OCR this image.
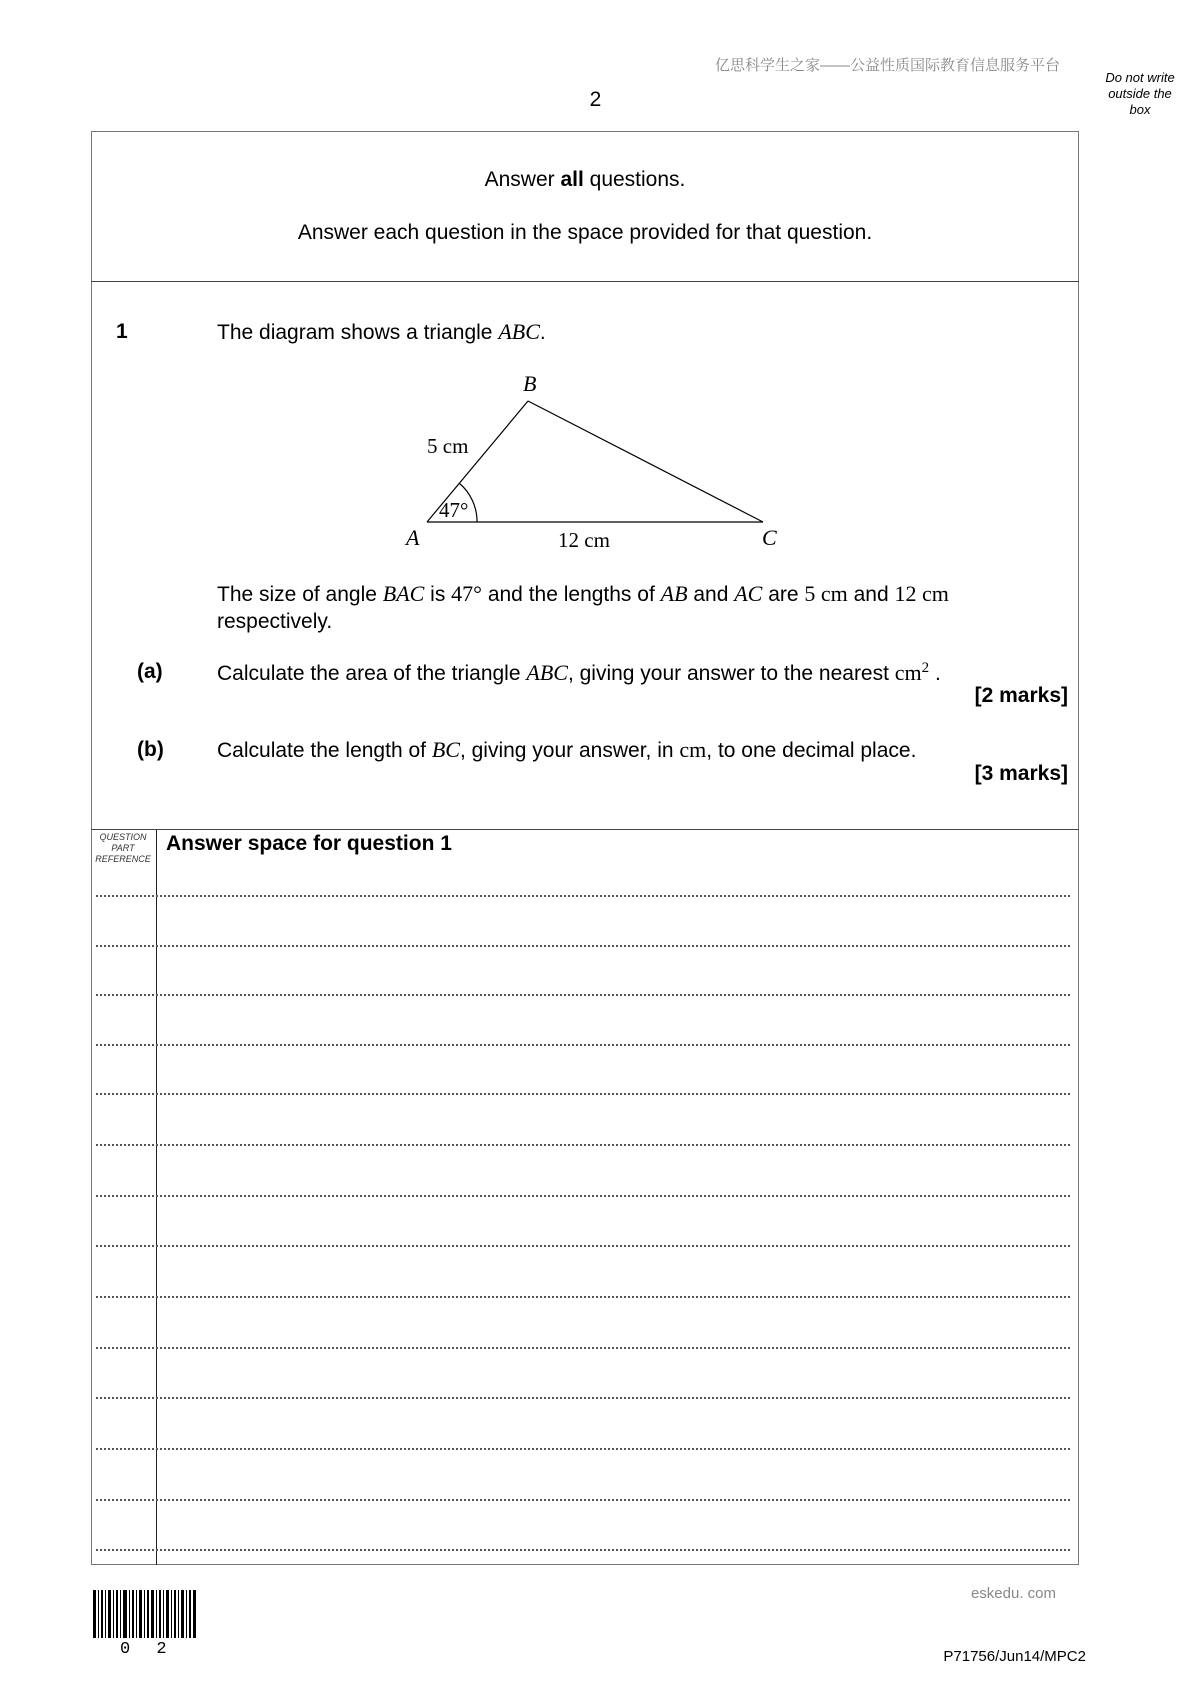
亿思科学生之家——公益性质国际教育信息服务平台
Do not write
outside the
box
2
Answer all questions.
Answer each question in the space provided for that question.
1	The diagram shows a triangle ABC.
B
A	C
5 cm
12 cm
47°
The size of angle BAC is 47° and the lengths of AB and AC are 5 cm and 12 cm
respectively.
(a)	Calculate the area of the triangle ABC, giving your answer to the nearest $cm^2$ .
[2 marks]
(b)	Calculate the length of BC, giving your answer, in cm, to one decimal place.
[3 marks]
QUESTION
PART
REFERENCE
Answer space for question 1
eskedu. com
0 2	P71756/Jun14/MPC2
